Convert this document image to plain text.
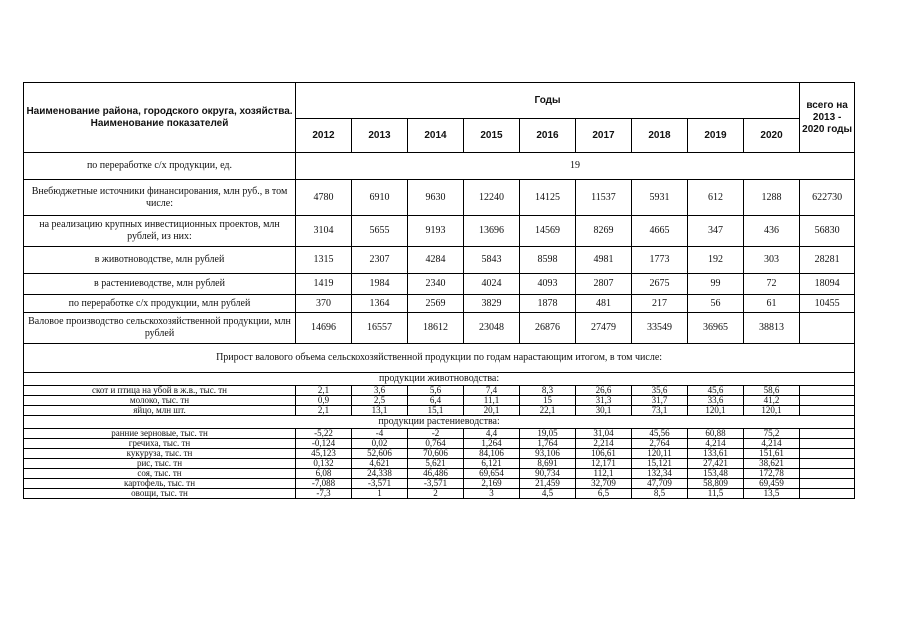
Наименование района, городского округа, хозяйства. Наименование показателей	Годы									всего на 2013 - 2020 годы
	2012	2013	2014	2015	2016	2017	2018	2019	2020	
по переработке с/х продукции, ед.	19									
Внебюджетные источники финансирования, млн руб., в том числе:	4780	6910	9630	12240	14125	11537	5931	612	1288	622730
на реализацию крупных инвестиционных проектов, млн рублей, из них:	3104	5655	9193	13696	14569	8269	4665	347	436	56830
в животноводстве, млн рублей	1315	2307	4284	5843	8598	4981	1773	192	303	28281
в растениеводстве, млн рублей	1419	1984	2340	4024	4093	2807	2675	99	72	18094
по переработке с/х продукции, млн рублей	370	1364	2569	3829	1878	481	217	56	61	10455
Валовое производство сельскохозяйственной продукции, млн рублей	14696	16557	18612	23048	26876	27479	33549	36965	38813	
Прирост валового объема сельскохозяйственной продукции по годам нарастающим итогом, в том числе:										
продукции животноводства:										
скот и птица на убой в ж.в., тыс. тн	2,1	3,6	5,6	7,4	8,3	26,6	35,6	45,6	58,6	
молоко, тыс. тн	0,9	2,5	6,4	11,1	15	31,3	31,7	33,6	41,2	
яйцо, млн шт.	2,1	13,1	15,1	20,1	22,1	30,1	73,1	120,1	120,1	
продукции растениеводства:										
ранние зерновые, тыс. тн	-5,22	-4	-2	4,4	19,05	31,04	45,56	60,88	75,2	
гречиха, тыс. тн	-0,124	0,02	0,764	1,264	1,764	2,214	2,764	4,214	4,214	
кукуруза, тыс. тн	45,123	52,606	70,606	84,106	93,106	106,61	120,11	133,61	151,61	
рис, тыс. тн	0,132	4,621	5,621	6,121	8,691	12,171	15,121	27,421	38,621	
соя, тыс. тн	6,08	24,338	46,486	69,654	90,734	112,1	132,34	153,48	172,78	
картофель, тыс. тн	-7,088	-3,571	-3,571	2,169	21,459	32,709	47,709	58,809	69,459	
овощи, тыс. тн	-7,3	1	2	3	4,5	6,5	8,5	11,5	13,5	
